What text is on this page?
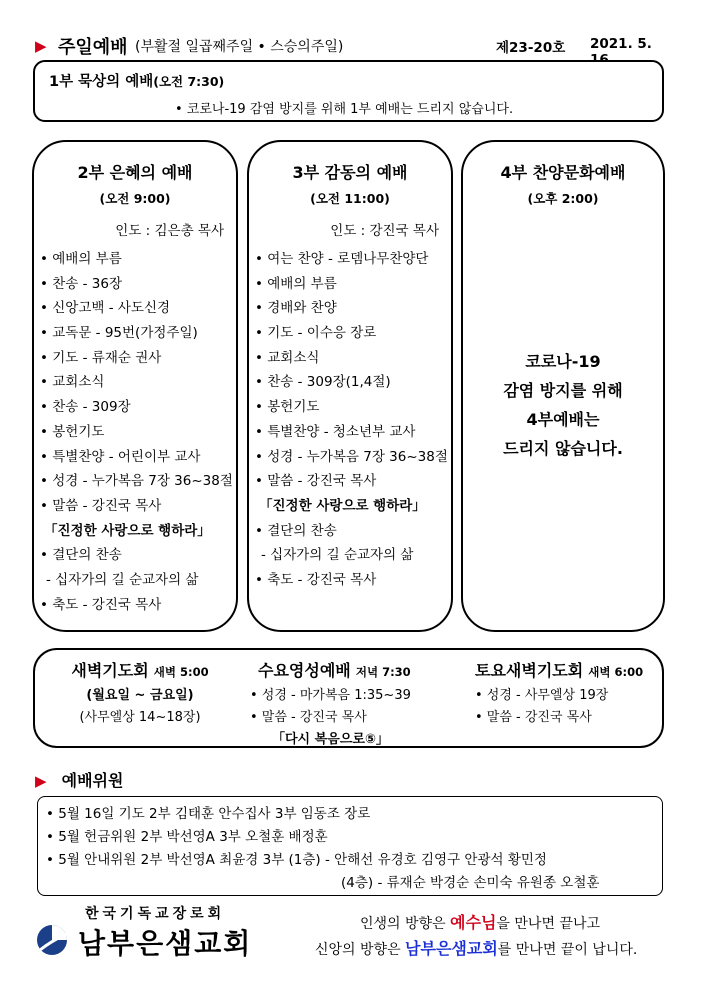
▶ 주일예배 (부활절 일곱째주일 • 스승의주일)	제23-20호 2021. 5.
1부 묵상의 예배(오전 7:30)
• 코로나-19 감염 방지를 위해 1부 예배는 드리지 않습니다.
2부 은혜의 예배
(오전 9:00)
인도 : 김은총 목사
• 예배의 부름
• 찬송 - 36장
• 신앙고백 - 사도신경
• 교독문 - 95번(가정주일)
• 기도 - 류재순 권사
• 교회소식
• 찬송 - 309장
• 봉헌기도
• 특별찬양 - 어린이부 교사
• 성경 - 누가복음 7장 36~38절
• 말씀 - 강진국 목사
「진정한 사랑으로 행하라」
• 결단의 찬송
- 십자가의 길 순교자의 삶
• 축도 - 강진국 목사
3부 감동의 예배
(오전 11:00)
인도 : 강진국 목사
• 여는 찬양 - 로뎀나무찬양단
• 예배의 부름
• 경배와 찬양
• 기도 - 이수응 장로
• 교회소식
• 찬송 - 309장(1,4절)
• 봉헌기도
• 특별찬양 - 청소년부 교사
• 성경 - 누가복음 7장 36~38절
• 말씀 - 강진국 목사
「진정한 사랑으로 행하라」
• 결단의 찬송
- 십자가의 길 순교자의 삶
• 축도 - 강진국 목사
4부 찬양문화예배
(오후 2:00)
코로나-19
감염 방지를 위해
4부예배는
드리지 않습니다.
새벽기도회 새벽 5:00
(월요일 ~ 금요일)
(사무엘상 14~18장)
수요영성예배 저녁 7:30
• 성경 - 마가복음 1:35~39
• 말씀 - 강진국 목사
「다시 복음으로⑤」
토요새벽기도회 새벽 6:00
• 성경 - 사무엘상 19장
• 말씀 - 강진국 목사
▶ 예배위원
• 5월 16일 기도 2부 김태훈 안수집사 3부 임동조 장로
• 5월 헌금위원 2부 박선영A 3부 오철훈 배정훈
• 5월 안내위원 2부 박선영A 최윤경 3부 (1층) - 안해선 유경호 김영구 안광석 황민정
(4층) - 류재순 박경순 손미숙 유원종 오철훈
한국기독교장로회
남부은샘교회
인생의 방향은 예수님을 만나면 끝나고
신앙의 방향은 남부은샘교회를 만나면 끝이 납니다.
